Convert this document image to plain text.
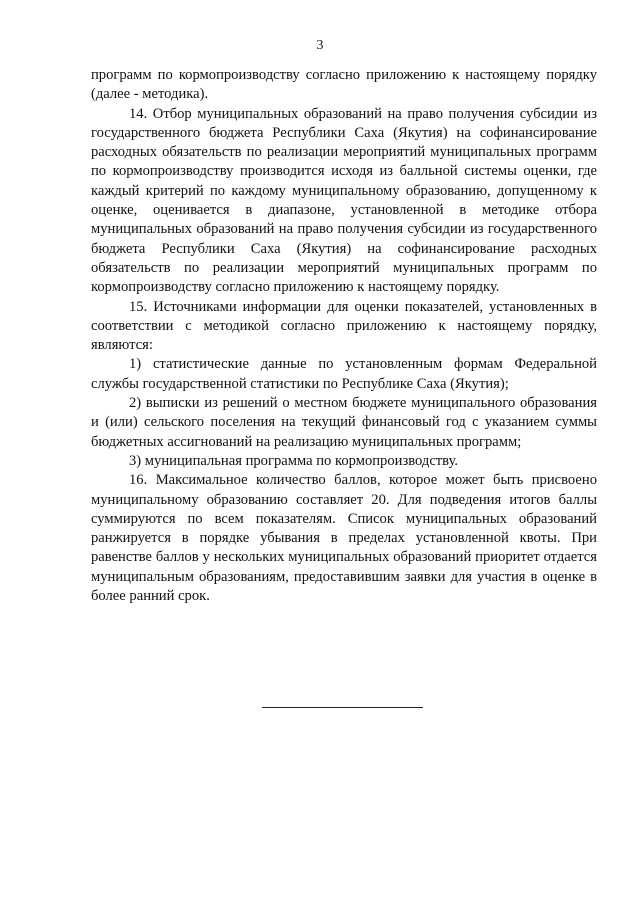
3

программ по кормопроизводству согласно приложению к настоящему порядку (далее - методика).

14. Отбор муниципальных образований на право получения субсидии из государственного бюджета Республики Саха (Якутия) на софинансирование расходных обязательств по реализации мероприятий муниципальных программ по кормопроизводству производится исходя из балльной системы оценки, где каждый критерий по каждому муниципальному образованию, допущенному к оценке, оценивается в диапазоне, установленной в методике отбора муниципальных образований на право получения субсидии из государственного бюджета Республики Саха (Якутия) на софинансирование расходных обязательств по реализации мероприятий муниципальных программ по кормопроизводству согласно приложению к настоящему порядку.

15. Источниками информации для оценки показателей, установленных в соответствии с методикой согласно приложению к настоящему порядку, являются:

1) статистические данные по установленным формам Федеральной службы государственной статистики по Республике Саха (Якутия);

2) выписки из решений о местном бюджете муниципального образования и (или) сельского поселения на текущий финансовый год с указанием суммы бюджетных ассигнований на реализацию муниципальных программ;

3) муниципальная программа по кормопроизводству.

16. Максимальное количество баллов, которое может быть присвоено муниципальному образованию составляет 20. Для подведения итогов баллы суммируются по всем показателям. Список муниципальных образований ранжируется в порядке убывания в пределах установленной квоты. При равенстве баллов у нескольких муниципальных образований приоритет отдается муниципальным образованиям, предоставившим заявки для участия в оценке в более ранний срок.
